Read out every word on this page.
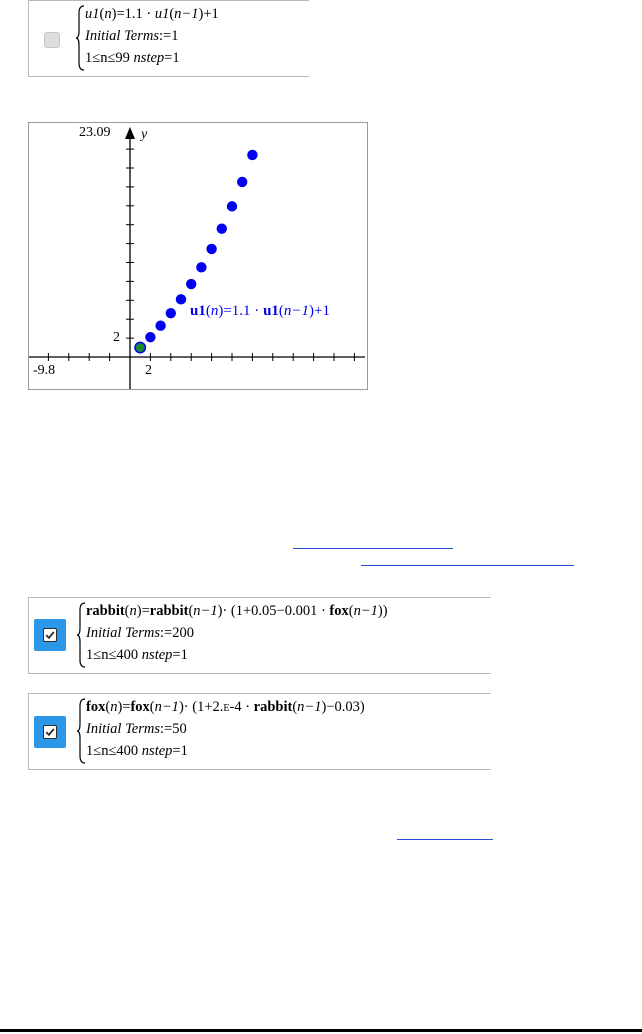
u1(n)=1.1 · u1(n−1)+1
Initial Terms:=1
1≤n≤99 nstep=1
23.09 y
2
-9.8	2
u1(n)=1.1 · u1(n−1)+1
rabbit(n)=rabbit(n−1)· (1+0.05−0.001 · fox(n−1))
Initial Terms:=200
1≤n≤400 nstep=1
fox(n)=fox(n−1)· (1+2.E-4 · rabbit(n−1)−0.03)
Initial Terms:=50
1≤n≤400 nstep=1
